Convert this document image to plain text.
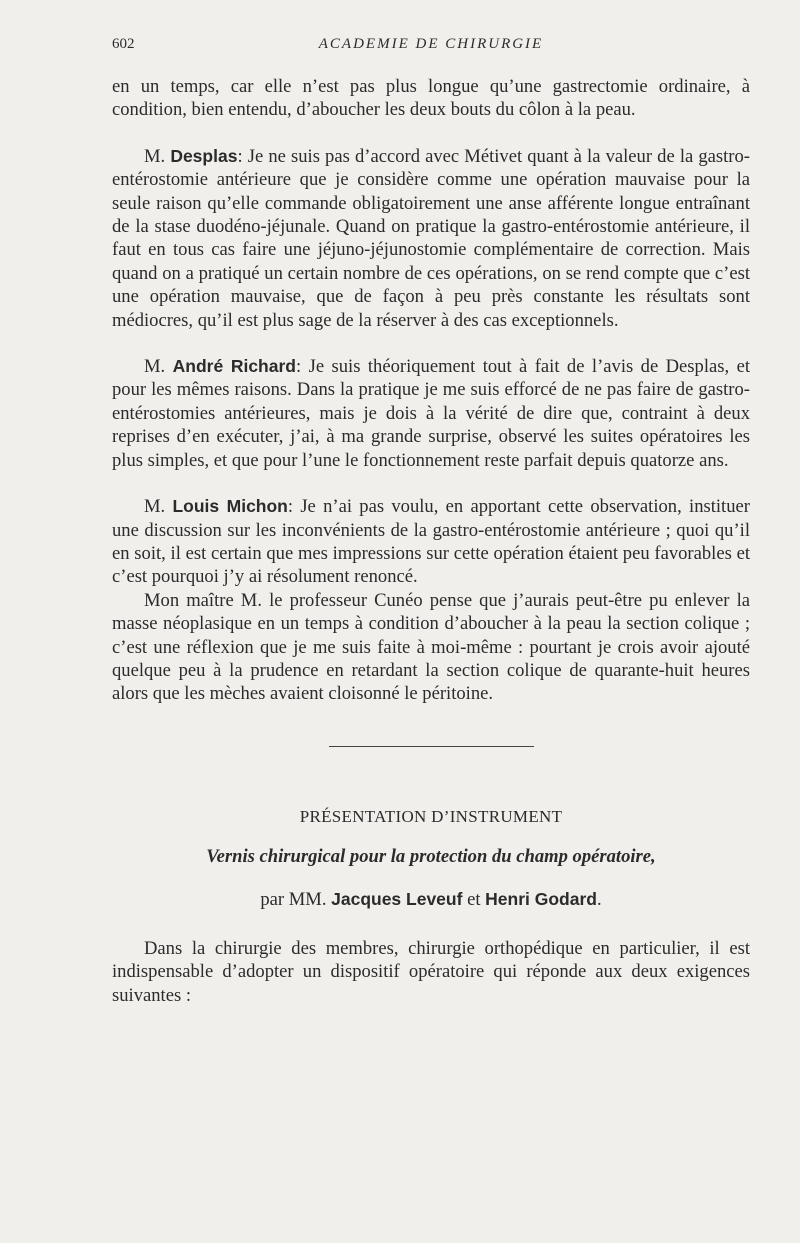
602	ACADEMIE DE CHIRURGIE

en un temps, car elle n’est pas plus longue qu’une gastrectomie ordinaire, à condition, bien entendu, d’aboucher les deux bouts du côlon à la peau.

M. Desplas: Je ne suis pas d’accord avec Métivet quant à la valeur de la gastro-entérostomie antérieure que je considère comme une opération mauvaise pour la seule raison qu’elle commande obligatoirement une anse afférente longue entraînant de la stase duodéno-jéjunale. Quand on pratique la gastro-entérostomie antérieure, il faut en tous cas faire une jéjuno-jéjunostomie complémentaire de correction. Mais quand on a pratiqué un certain nombre de ces opérations, on se rend compte que c’est une opération mauvaise, que de façon à peu près constante les résultats sont médiocres, qu’il est plus sage de la réserver à des cas exceptionnels.

M. André Richard: Je suis théoriquement tout à fait de l’avis de Desplas, et pour les mêmes raisons. Dans la pratique je me suis efforcé de ne pas faire de gastro-entérostomies antérieures, mais je dois à la vérité de dire que, contraint à deux reprises d’en exécuter, j’ai, à ma grande surprise, observé les suites opératoires les plus simples, et que pour l’une le fonctionnement reste parfait depuis quatorze ans.

M. Louis Michon: Je n’ai pas voulu, en apportant cette observation, instituer une discussion sur les inconvénients de la gastro-entérostomie antérieure ; quoi qu’il en soit, il est certain que mes impressions sur cette opération étaient peu favorables et c’est pourquoi j’y ai résolument renoncé.

Mon maître M. le professeur Cunéo pense que j’aurais peut-être pu enlever la masse néoplasique en un temps à condition d’aboucher à la peau la section colique ; c’est une réflexion que je me suis faite à moi-même : pourtant je crois avoir ajouté quelque peu à la prudence en retardant la section colique de quarante-huit heures alors que les mèches avaient cloisonné le péritoine.

PRÉSENTATION D’INSTRUMENT
Vernis chirurgical pour la protection du champ opératoire,
par MM. Jacques Leveuf et Henri Godard.

Dans la chirurgie des membres, chirurgie orthopédique en particulier, il est indispensable d’adopter un dispositif opératoire qui réponde aux deux exigences suivantes :
